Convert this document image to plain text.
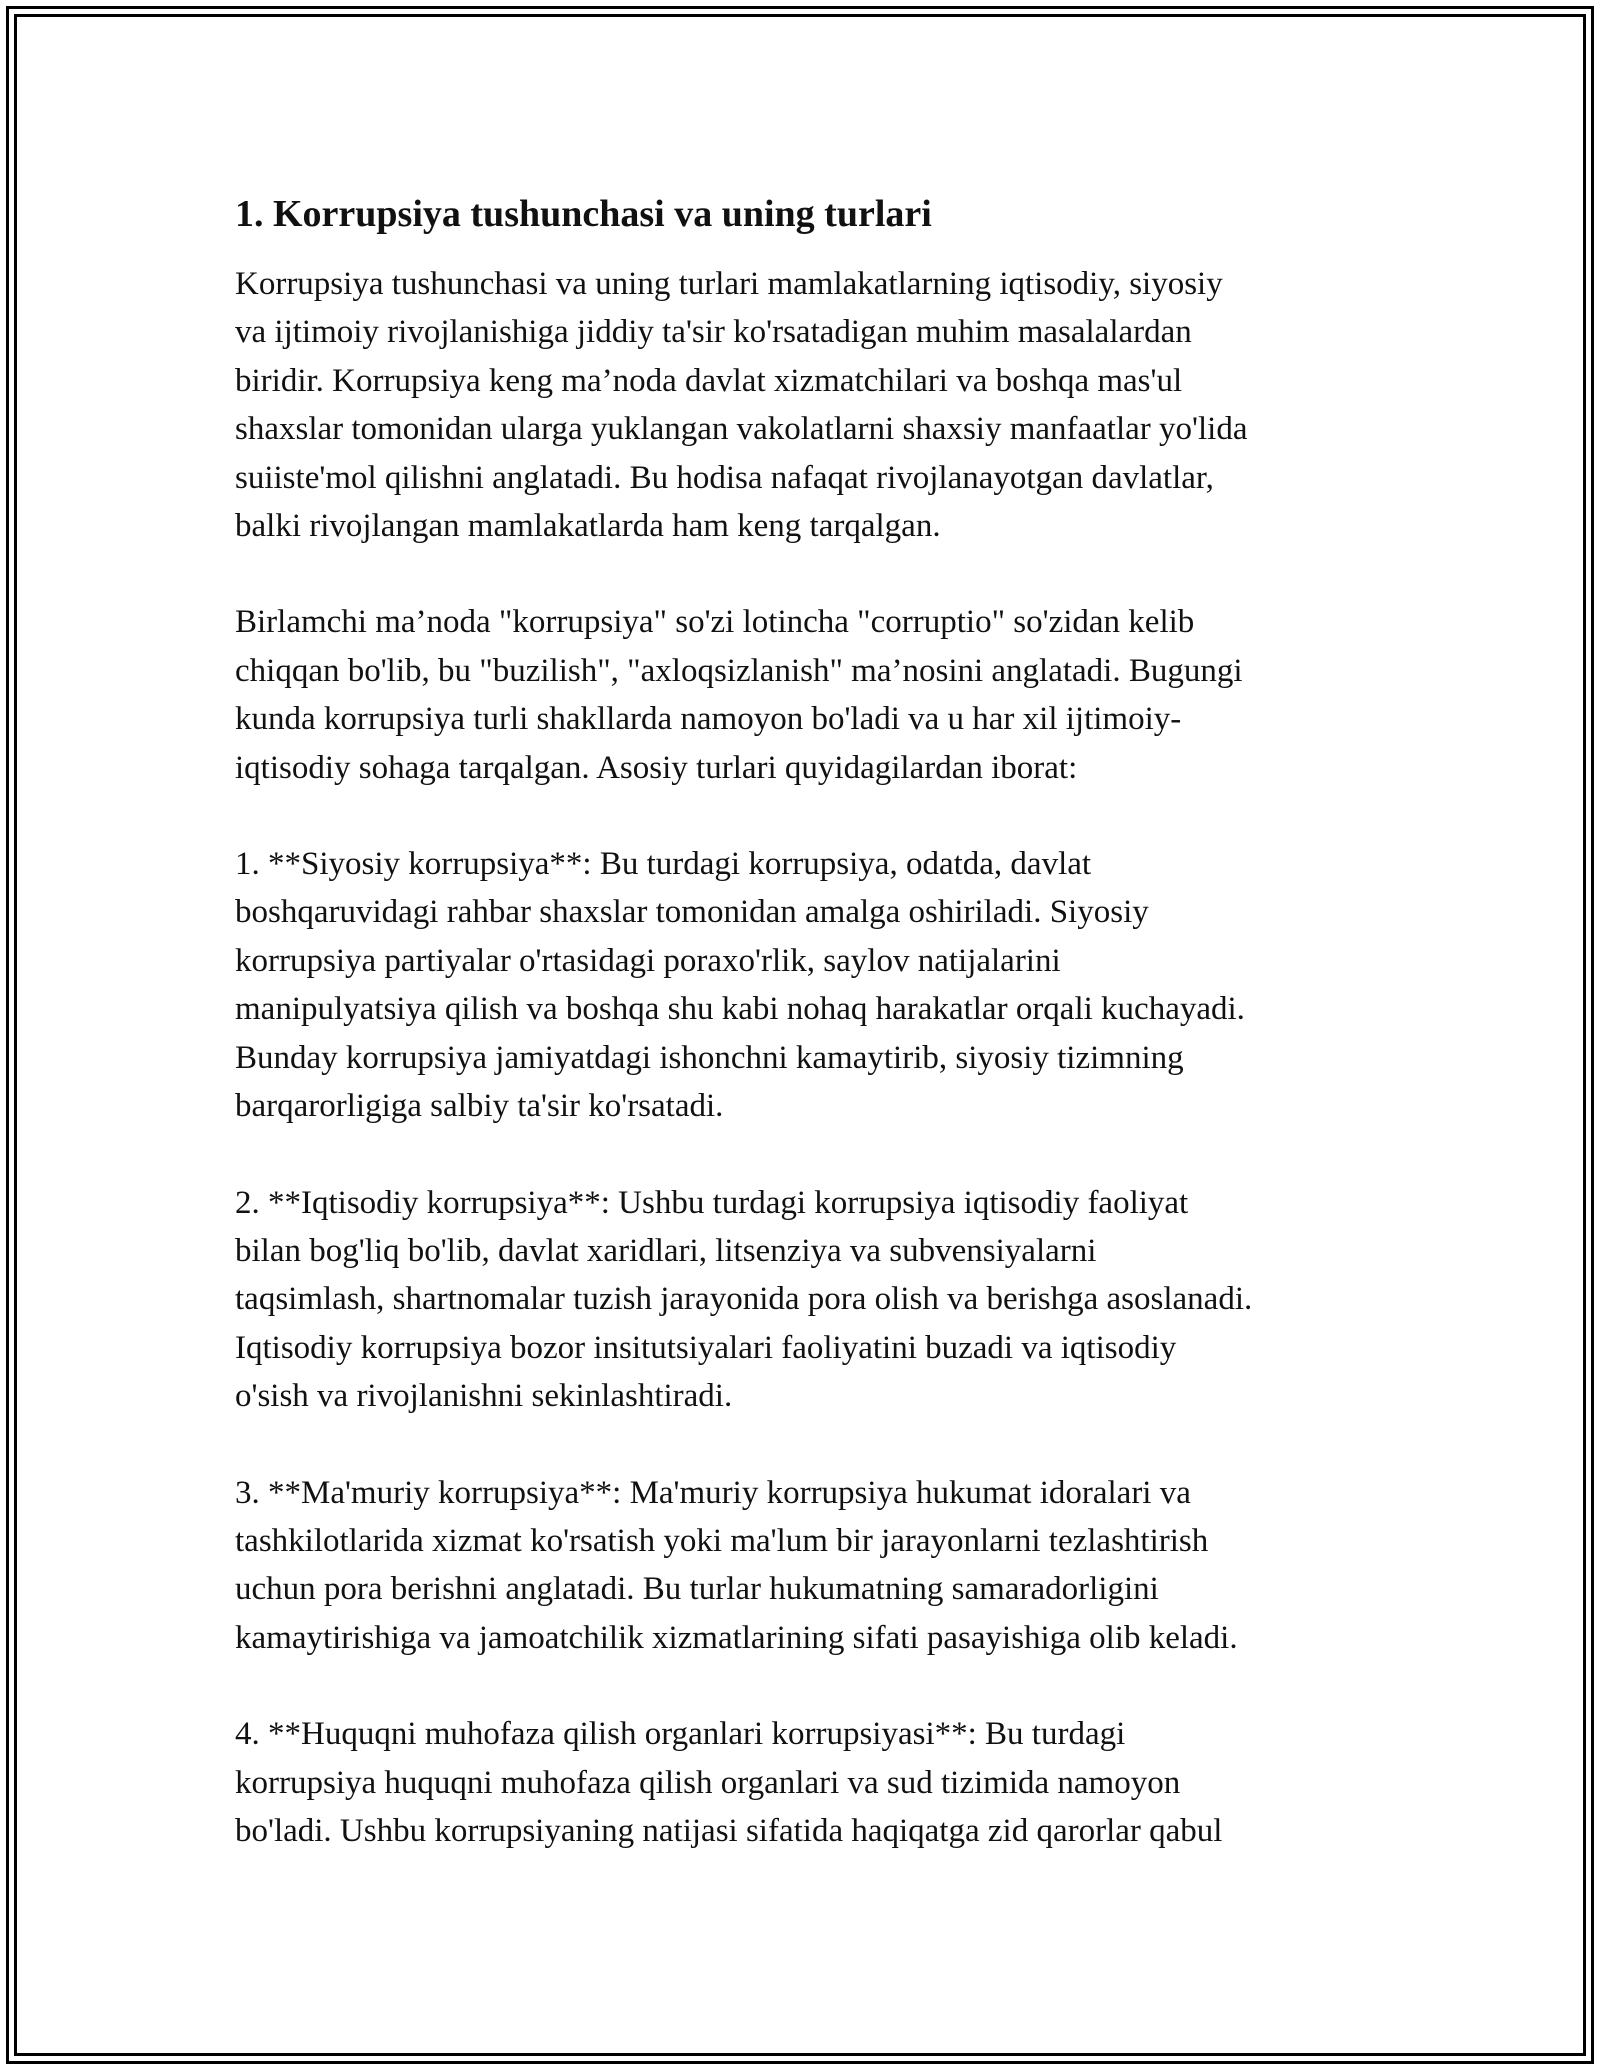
1. Korrupsiya tushunchasi va uning turlari

Korrupsiya tushunchasi va uning turlari mamlakatlarning iqtisodiy, siyosiy
va ijtimoiy rivojlanishiga jiddiy ta'sir ko'rsatadigan muhim masalalardan
biridir. Korrupsiya keng ma’noda davlat xizmatchilari va boshqa mas'ul
shaxslar tomonidan ularga yuklangan vakolatlarni shaxsiy manfaatlar yo'lida
suiiste'mol qilishni anglatadi. Bu hodisa nafaqat rivojlanayotgan davlatlar,
balki rivojlangan mamlakatlarda ham keng tarqalgan.

Birlamchi ma’noda "korrupsiya" so'zi lotincha "corruptio" so'zidan kelib
chiqqan bo'lib, bu "buzilish", "axloqsizlanish" ma’nosini anglatadi. Bugungi
kunda korrupsiya turli shakllarda namoyon bo'ladi va u har xil ijtimoiy-
iqtisodiy sohaga tarqalgan. Asosiy turlari quyidagilardan iborat:

1. **Siyosiy korrupsiya**: Bu turdagi korrupsiya, odatda, davlat
boshqaruvidagi rahbar shaxslar tomonidan amalga oshiriladi. Siyosiy
korrupsiya partiyalar o'rtasidagi poraxo'rlik, saylov natijalarini
manipulyatsiya qilish va boshqa shu kabi nohaq harakatlar orqali kuchayadi.
Bunday korrupsiya jamiyatdagi ishonchni kamaytirib, siyosiy tizimning
barqarorligiga salbiy ta'sir ko'rsatadi.

2. **Iqtisodiy korrupsiya**: Ushbu turdagi korrupsiya iqtisodiy faoliyat
bilan bog'liq bo'lib, davlat xaridlari, litsenziya va subvensiyalarni
taqsimlash, shartnomalar tuzish jarayonida pora olish va berishga asoslanadi.
Iqtisodiy korrupsiya bozor insitutsiyalari faoliyatini buzadi va iqtisodiy
o'sish va rivojlanishni sekinlashtiradi.

3. **Ma'muriy korrupsiya**: Ma'muriy korrupsiya hukumat idoralari va
tashkilotlarida xizmat ko'rsatish yoki ma'lum bir jarayonlarni tezlashtirish
uchun pora berishni anglatadi. Bu turlar hukumatning samaradorligini
kamaytirishiga va jamoatchilik xizmatlarining sifati pasayishiga olib keladi.

4. **Huquqni muhofaza qilish organlari korrupsiyasi**: Bu turdagi
korrupsiya huquqni muhofaza qilish organlari va sud tizimida namoyon
bo'ladi. Ushbu korrupsiyaning natijasi sifatida haqiqatga zid qarorlar qabul
